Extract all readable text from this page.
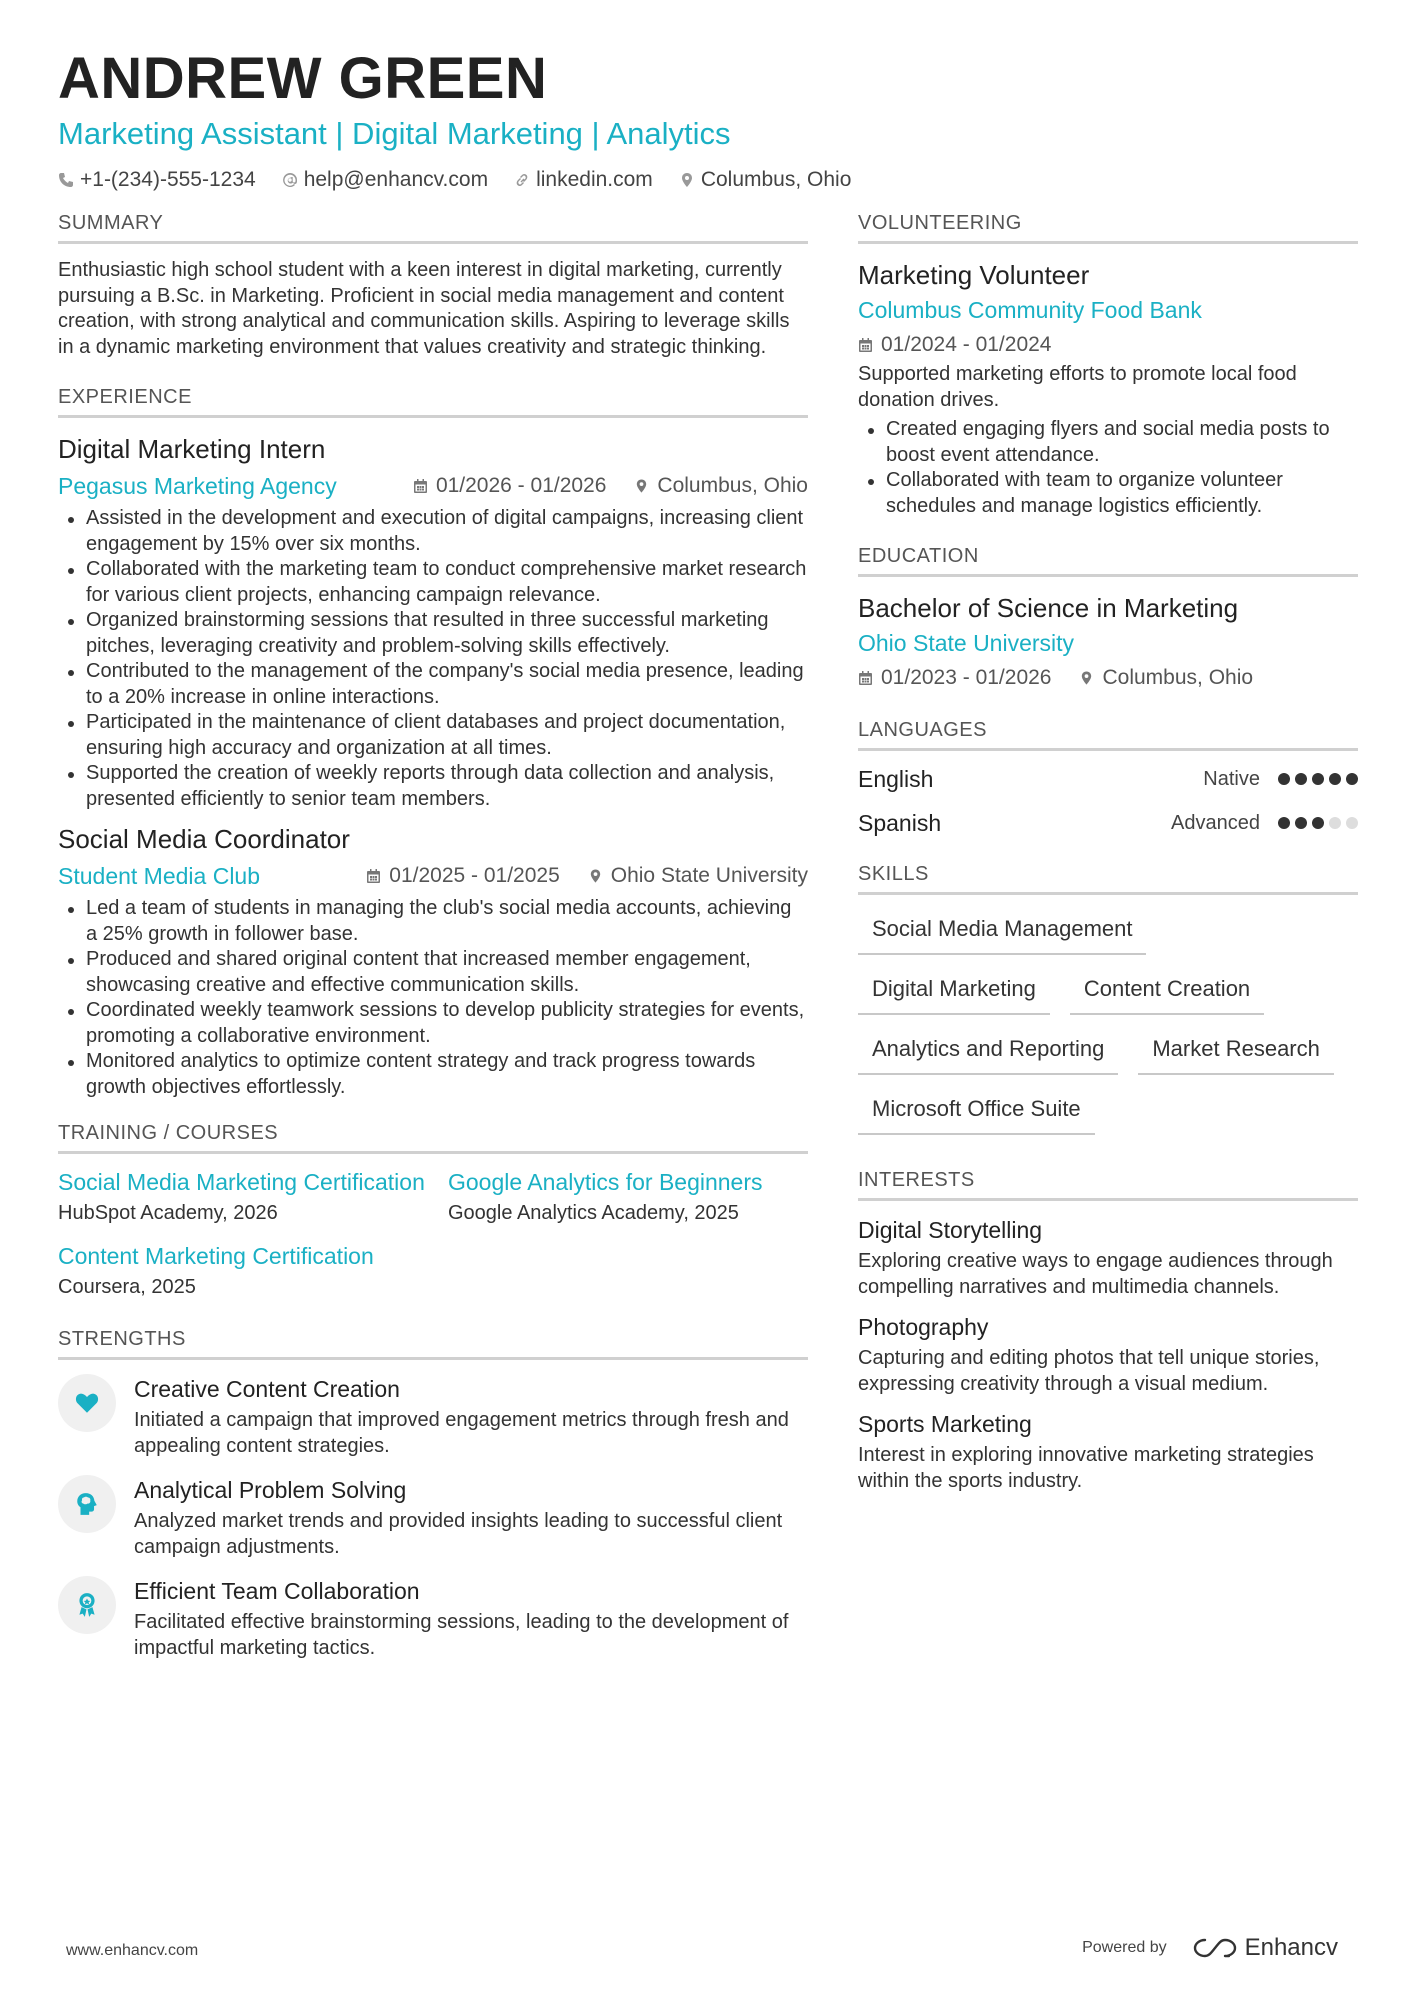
ANDREW GREEN
Marketing Assistant | Digital Marketing | Analytics
+1-(234)-555-1234 help@enhancv.com linkedin.com Columbus, Ohio
SUMMARY
Enthusiastic high school student with a keen interest in digital marketing, currently pursuing a B.Sc. in Marketing. Proficient in social media management and content creation, with strong analytical and communication skills. Aspiring to leverage skills in a dynamic marketing environment that values creativity and strategic thinking.
EXPERIENCE
Digital Marketing Intern
Pegasus Marketing Agency	01/2026 - 01/2026 Columbus, Ohio
Assisted in the development and execution of digital campaigns, increasing client engagement by 15% over six months.
Collaborated with the marketing team to conduct comprehensive market research for various client projects, enhancing campaign relevance.
Organized brainstorming sessions that resulted in three successful marketing pitches, leveraging creativity and problem-solving skills effectively.
Contributed to the management of the company's social media presence, leading to a 20% increase in online interactions.
Participated in the maintenance of client databases and project documentation, ensuring high accuracy and organization at all times.
Supported the creation of weekly reports through data collection and analysis, presented efficiently to senior team members.
Social Media Coordinator
Student Media Club	01/2025 - 01/2025 Ohio State University
Led a team of students in managing the club's social media accounts, achieving a 25% growth in follower base.
Produced and shared original content that increased member engagement, showcasing creative and effective communication skills.
Coordinated weekly teamwork sessions to develop publicity strategies for events, promoting a collaborative environment.
Monitored analytics to optimize content strategy and track progress towards growth objectives effortlessly.
TRAINING / COURSES
Social Media Marketing Certification
HubSpot Academy, 2026
Google Analytics for Beginners
Google Analytics Academy, 2025
Content Marketing Certification
Coursera, 2025
STRENGTHS
Creative Content Creation
Initiated a campaign that improved engagement metrics through fresh and appealing content strategies.
Analytical Problem Solving
Analyzed market trends and provided insights leading to successful client campaign adjustments.
Efficient Team Collaboration
Facilitated effective brainstorming sessions, leading to the development of impactful marketing tactics.
VOLUNTEERING
Marketing Volunteer
Columbus Community Food Bank
01/2024 - 01/2024
Supported marketing efforts to promote local food donation drives.
Created engaging flyers and social media posts to boost event attendance.
Collaborated with team to organize volunteer schedules and manage logistics efficiently.
EDUCATION
Bachelor of Science in Marketing
Ohio State University
01/2023 - 01/2026 Columbus, Ohio
LANGUAGES
English	Native
Spanish	Advanced
SKILLS
Social Media Management
Digital Marketing	Content Creation
Analytics and Reporting	Market Research
Microsoft Office Suite
INTERESTS
Digital Storytelling
Exploring creative ways to engage audiences through compelling narratives and multimedia channels.
Photography
Capturing and editing photos that tell unique stories, expressing creativity through a visual medium.
Sports Marketing
Interest in exploring innovative marketing strategies within the sports industry.
www.enhancv.com	Powered by	Enhancv
